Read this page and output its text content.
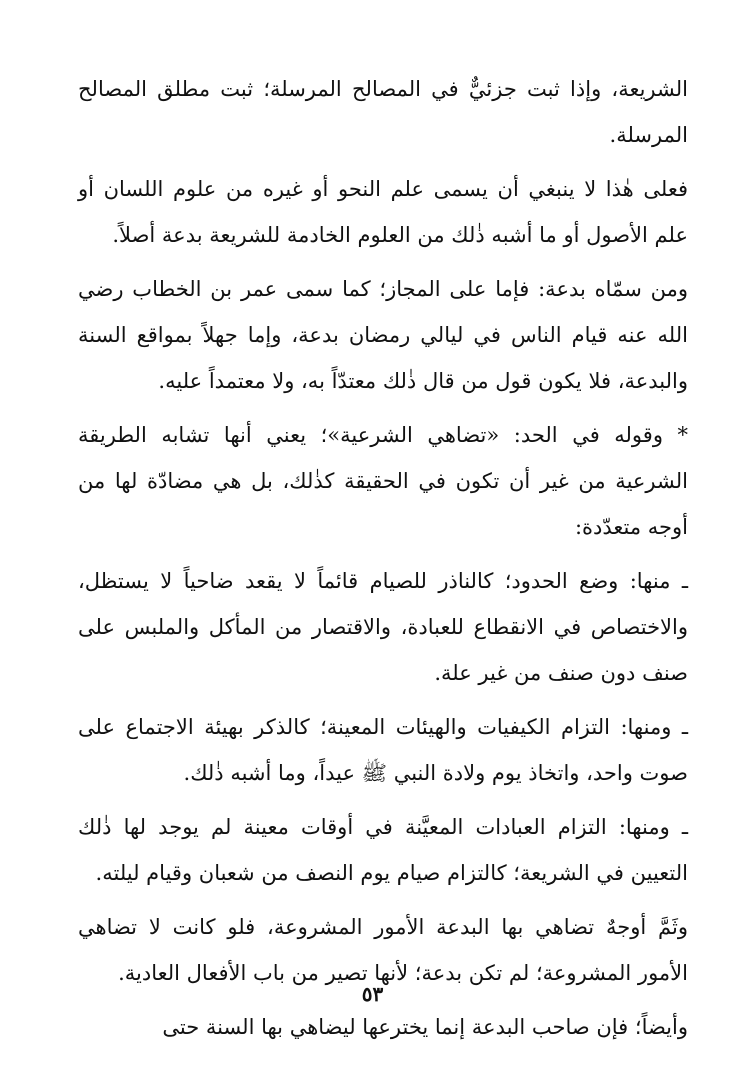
الشريعة، وإذا ثبت جزئيٌّ في المصالح المرسلة؛ ثبت مطلق المصالح المرسلة.

فعلى هٰذا لا ينبغي أن يسمى علم النحو أو غيره من علوم اللسان أو علم الأصول أو ما أشبه ذٰلك من العلوم الخادمة للشريعة بدعة أصلاً.

ومن سمّاه بدعة: فإما على المجاز؛ كما سمى عمر بن الخطاب رضي الله عنه قيام الناس في ليالي رمضان بدعة، وإما جهلاً بمواقع السنة والبدعة، فلا يكون قول من قال ذٰلك معتدّاً به، ولا معتمداً عليه.

* وقوله في الحد: «تضاهي الشرعية»؛ يعني أنها تشابه الطريقة الشرعية من غير أن تكون في الحقيقة كذٰلك، بل هي مضادّة لها من أوجه متعدّدة:

ـ منها: وضع الحدود؛ كالناذر للصيام قائماً لا يقعد ضاحياً لا يستظل، والاختصاص في الانقطاع للعبادة، والاقتصار من المأكل والملبس على صنف دون صنف من غير علة.

ـ ومنها: التزام الكيفيات والهيئات المعينة؛ كالذكر بهيئة الاجتماع على صوت واحد، واتخاذ يوم ولادة النبي ﷺ عيداً، وما أشبه ذٰلك.

ـ ومنها: التزام العبادات المعيَّنة في أوقات معينة لم يوجد لها ذٰلك التعيين في الشريعة؛ كالتزام صيام يوم النصف من شعبان وقيام ليلته.

وثَمَّ أوجهٌ تضاهي بها البدعة الأمور المشروعة، فلو كانت لا تضاهي الأمور المشروعة؛ لم تكن بدعة؛ لأنها تصير من باب الأفعال العادية.

وأيضاً؛ فإن صاحب البدعة إنما يخترعها ليضاهي بها السنة حتى

٥٣
